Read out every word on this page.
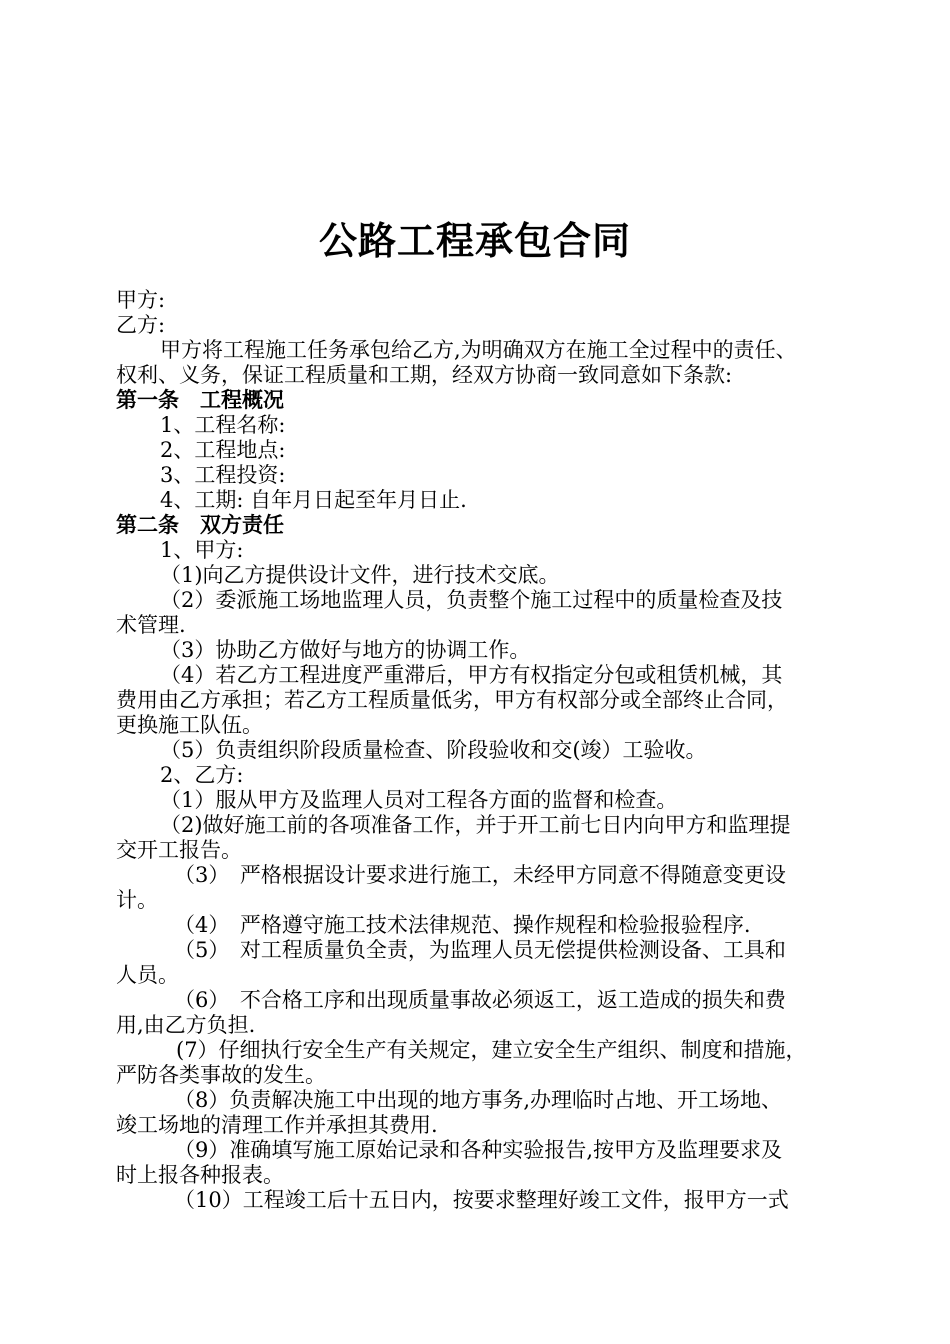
公路工程承包合同
甲方:
乙方:
甲方将工程施工任务承包给乙方,为明确双方在施工全过程中的责任、
权利、义务，保证工程质量和工期，经双方协商一致同意如下条款:
第一条　工程概况
1、工程名称:
2、工程地点:
3、工程投资:
4、工期: 自年月日起至年月日止.
第二条　双方责任
1、甲方:
（1)向乙方提供设计文件，进行技术交底。
（2）委派施工场地监理人员，负责整个施工过程中的质量检查及技
术管理.
（3）协助乙方做好与地方的协调工作。
（4）若乙方工程进度严重滞后，甲方有权指定分包或租赁机械，其
费用由乙方承担；若乙方工程质量低劣，甲方有权部分或全部终止合同，
更换施工队伍。
（5）负责组织阶段质量检查、阶段验收和交(竣）工验收。
2、乙方:
（1）服从甲方及监理人员对工程各方面的监督和检查。
（2)做好施工前的各项准备工作，并于开工前七日内向甲方和监理提
交开工报告。
（3）　严格根据设计要求进行施工，未经甲方同意不得随意变更设
计。
（4）　严格遵守施工技术法律规范、操作规程和检验报验程序.
（5）　对工程质量负全责，为监理人员无偿提供检测设备、工具和
人员。
（6）　不合格工序和出现质量事故必须返工，返工造成的损失和费
用,由乙方负担.
(7）仔细执行安全生产有关规定，建立安全生产组织、制度和措施，
严防各类事故的发生。
（8）负责解决施工中出现的地方事务,办理临时占地、开工场地、
竣工场地的清理工作并承担其费用.
（9）准确填写施工原始记录和各种实验报告,按甲方及监理要求及
时上报各种报表。
（10）工程竣工后十五日内，按要求整理好竣工文件，报甲方一式
